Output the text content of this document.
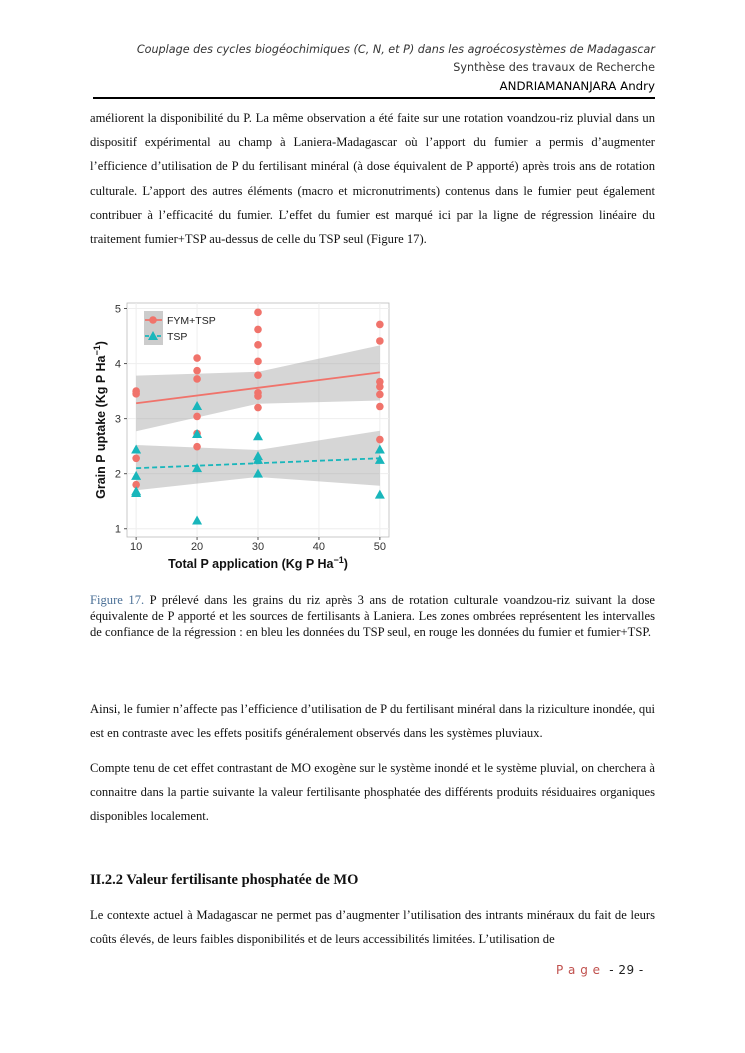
Couplage des cycles biogéochimiques (C, N, et P) dans les agroécosystèmes de Madagascar
Synthèse des travaux de Recherche
ANDRIAMANANJARA Andry
améliorent la disponibilité du P. La même observation a été faite sur une rotation voandzou-riz pluvial dans un dispositif expérimental au champ à Laniera-Madagascar où l’apport du fumier a permis d’augmenter l’efficience d’utilisation de P du fertilisant minéral (à dose équivalent de P apporté) après trois ans de rotation culturale. L’apport des autres éléments (macro et micronutriments) contenus dans le fumier peut également contribuer à l’efficacité du fumier. L’effet du fumier est marqué ici par la ligne de régression linéaire du traitement fumier+TSP au-dessus de celle du TSP seul (Figure 17).
10	20	30	40	50
1
2
3
4
5
FYM+TSP
TSP
Total P application (Kg P $Ha^{-1}$)
Grain P uptake (Kg P $Ha^{-1}$)
Figure 17. P prélevé dans les grains du riz après 3 ans de rotation culturale voandzou-riz suivant la dose équivalente de P apporté et les sources de fertilisants à Laniera. Les zones ombrées représentent les intervalles de confiance de la régression : en bleu les données du TSP seul, en rouge les données du fumier et fumier+TSP.
Ainsi, le fumier n’affecte pas l’efficience d’utilisation de P du fertilisant minéral dans la riziculture inondée, qui est en contraste avec les effets positifs généralement observés dans les systèmes pluviaux.
Compte tenu de cet effet contrastant de MO exogène sur le système inondé et le système pluvial, on cherchera à connaitre dans la partie suivante la valeur fertilisante phosphatée des différents produits résiduaires organiques disponibles localement.
II.2.2 Valeur fertilisante phosphatée de MO
Le contexte actuel à Madagascar ne permet pas d’augmenter l’utilisation des intrants minéraux du fait de leurs coûts élevés, de leurs faibles disponibilités et de leurs accessibilités limitées. L’utilisation de
P a g e - 29 -
